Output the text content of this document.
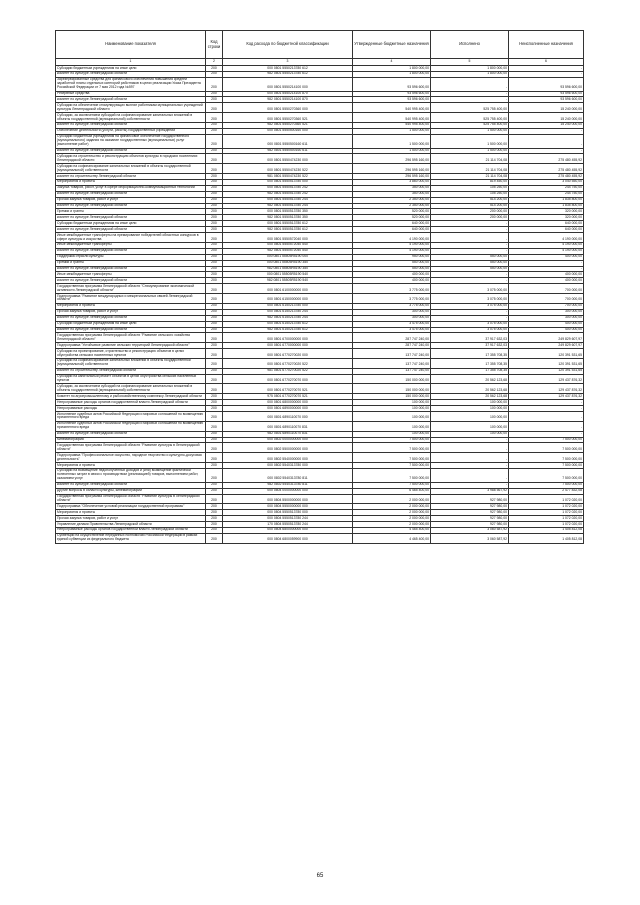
Наименование показателя	Код строки	Код расхода по бюджетной классификации	Утвержденные бюджетные назначения	Исполнено	Неисполненные назначения
1	2	3	4	5	6
Субсидии бюджетным учреждениям на иные цели	200	000 0801 5550213780 612	1 800 000,00	1 800 000,00	-
комитет по культуре Ленинградской области	200	982 0801 5550213780 612	1 800 000,00	1 800 000,00	-
Зарезервированные средства для финансового обеспечения повышения средней заработной платы отдельных категорий работников в целях реализации Указа Президента Российской Федерации от 7 мая 2012 года №597	200	000 0801 5550214100 000	93 596 600,00	-	93 596 600,00
Резервные средства	200	000 0801 5550214100 870	93 596 600,00	-	93 596 600,00
комитет по культуре Ленинградской области	200	982 0801 5550214100 870	93 596 600,00	-	93 596 600,00
Субсидии на обеспечение стимулирующих выплат работникам муниципальных учреждений культуры Ленинградской области	200	000 0801 5550270360 000	540 995 400,00	525 755 400,00	15 240 000,00
Субсидии, за исключением субсидий на софинансирование капитальных вложений в объекты государственной (муниципальной) собственности	200	000 0801 5550270360 521	540 995 400,00	525 755 400,00	15 240 000,00
комитет по культуре Ленинградской области	200	982 0801 5550270360 521	540 995 400,00	525 755 400,00	15 240 000,00
Обеспечение деятельности (услуги, работы) государственных учреждений	200	000 0801 5550500160 000	1 500 000,00	1 500 000,00	-
Субсидии бюджетным учреждениям на финансовое обеспечение государственного (муниципального) задания на оказание государственных (муниципальных) услуг (выполнение работ)	200	000 0801 5550500160 611	1 500 000,00	1 500 000,00	-
комитет по культуре Ленинградской области	200	982 0801 5550500160 611	1 500 000,00	1 500 000,00	-
Субсидии на строительство и реконструкцию объектов культуры в городских поселениях Ленинградской области	200	000 0801 5550474230 000	296 595 160,00	21 114 704,08	275 480 455,92
Субсидии на софинансирование капитальных вложений в объекты государственной (муниципальной) собственности	200	000 0801 5550474230 522	296 595 160,00	21 114 704,08	275 480 455,92
комитет по строительству Ленинградской области	200	981 0801 5550474230 522	296 595 160,00	21 114 704,08	275 480 455,92
Мероприятия и проекты	200	000 0801 5550513780 000	3 860 000,00	819 450,00	3 040 550,00
Закупка товаров, работ, услуг в сфере информационно-коммуникационных технологий	200	000 0801 5550513780 242	350 000,00	105 250,00	244 750,00
комитет по культуре Ленинградской области	200	982 0801 5550513780 242	350 000,00	105 250,00	244 750,00
Прочая закупка товаров, работ и услуг	200	000 0801 5550513780 244	2 350 000,00	514 200,00	1 835 800,00
комитет по культуре Ленинградской области	200	982 0801 5550513780 244	2 350 000,00	514 200,00	1 835 800,00
Премии и гранты	200	000 0801 5550513780 350	520 000,00	200 000,00	320 000,00
комитет по культуре Ленинградской области	200	982 0801 5550513780 350	520 000,00	200 000,00	320 000,00
Субсидии бюджетным учреждениям на иные цели	200	000 0801 5550513780 612	640 000,00	-	640 000,00
комитет по культуре Ленинградской области	200	982 0801 5550513780 612	640 000,00	-	640 000,00
Иные межбюджетные трансферты на премирование победителей областных конкурсов в сфере культуры и искусства	200	000 0801 5550572040 000	4 190 000,00	-	4 190 000,00
Иные межбюджетные трансферты	200	000 0801 5550572040 540	4 190 000,00	-	4 190 000,00
комитет по культуре Ленинградской области	200	982 0801 5550572040 540	4 190 000,00	-	4 190 000,00
Поддержка отрасли культуры	200	000 0801 55505R5190 000	950 000,00	550 000,00	400 000,00
Премии и гранты	200	000 0801 55505R5190 350	550 000,00	550 000,00	-
комитет по культуре Ленинградской области	200	982 0801 55505R5190 350	550 000,00	550 000,00	-
Иные межбюджетные трансферты	200	000 0801 55505R5190 540	400 000,00	-	400 000,00
комитет по культуре Ленинградской области	200	982 0801 55505R5190 540	400 000,00	-	400 000,00
Государственная программа Ленинградской области "Стимулирование экономической активности Ленинградской области"	200	000 0801 6100000000 000	3 775 000,00	3 075 000,00	700 000,00
Подпрограмма "Развитие международных и межрегиональных связей Ленинградской области"	200	000 0801 6150000000 000	3 775 000,00	3 075 000,00	700 000,00
Мероприятия и проекты	200	000 0801 6150213780 000	3 775 000,00	3 075 000,00	700 000,00
Прочая закупка товаров, работ и услуг	200	000 0801 6150213780 244	300 000,00	-	300 000,00
комитет по культуре Ленинградской области	200	982 0801 6150213780 244	300 000,00	-	300 000,00
Субсидии бюджетным учреждениям на иные цели	200	000 0801 6150213780 612	3 475 000,00	3 075 000,00	400 000,00
комитет по культуре Ленинградской области	200	982 0801 6150213780 612	3 475 000,00	3 075 000,00	400 000,00
Государственная программа Ленинградской области "Развитие сельского хозяйства Ленинградской области"	200	000 0801 6700000000 000	287 747 240,00	37 917 632,03	249 829 607,97
Подпрограмма "Устойчивое развитие сельских территорий Ленинградской области"	200	000 0801 6770000000 000	287 747 240,00	37 917 632,03	249 829 607,97
Субсидии на проектирование, строительство и реконструкцию объектов в целях обустройства сельских населенных пунктов	200	000 0801 6770270020 000	137 747 240,00	17 355 708,35	120 391 531,65
Субсидии на софинансирование капитальных вложений в объекты государственной (муниципальной) собственности	200	000 0801 6770270020 522	137 747 240,00	17 355 708,35	120 391 531,65
комитет по строительству Ленинградской области	200	981 0801 6770270020 522	137 747 240,00	17 355 708,35	120 391 531,65
Субсидии на капитальный ремонт объектов в целях обустройства сельских населенных пунктов	200	000 0801 6770270070 000	150 000 000,00	20 562 123,68	129 437 876,32
Субсидии, за исключением субсидий на софинансирование капитальных вложений в объекты государственной (муниципальной) собственности	200	000 0801 6770270070 521	150 000 000,00	20 562 123,68	129 437 876,32
Комитет по агропромышленному и рыбохозяйственному комплексу Ленинградской области	200	975 0801 6770270070 521	150 000 000,00	20 562 123,68	129 437 876,32
Непрограммные расходы органов государственной власти Ленинградской области	200	000 0801 6800000000 000	100 000,00	100 000,00	-
Непрограммные расходы	200	000 0801 6890000000 000	100 000,00	100 000,00	-
Исполнение судебных актов Российской Федерации и мировых соглашений по возмещению причиненного вреда	200	000 0801 6890110070 000	100 000,00	100 000,00	-
Исполнение судебных актов Российской Федерации и мировых соглашений по возмещению причиненного вреда	200	000 0801 6890110070 831	100 000,00	100 000,00	-
комитет по культуре Ленинградской области	200	982 0801 6890110070 831	100 000,00	100 000,00	-
Кинематография	200	000 0802 0000000000 000	7 500 000,00	-	7 500 000,00
Государственная программа Ленинградской области "Развитие культуры в Ленинградской области"	200	000 0802 5500000000 000	7 500 000,00	-	7 500 000,00
Подпрограмма "Профессиональное искусство, народное творчество и культурно-досуговая деятельность"	200	000 0802 5540000000 000	7 500 000,00	-	7 500 000,00
Мероприятия и проекты	200	000 0802 5540313780 000	7 500 000,00	-	7 500 000,00
Субсидии на возмещение недополученных доходов и (или) возмещение фактически понесенных затрат в связи с производством (реализацией) товаров, выполнением работ, оказанием услуг	200	000 0802 5540313780 811	7 500 000,00	-	7 500 000,00
комитет по культуре Ленинградской области	200	982 0802 5540313780 811	7 500 000,00	-	7 500 000,00
Другие вопросы в области культуры, кинематографии	200	000 0804 0000000000 000	6 465 400,00	3 988 567,92	2 477 832,08
Государственная программа Ленинградской области "Развитие культуры в Ленинградской области"	200	000 0804 5500000000 000	2 000 000,00	927 980,00	1 072 020,00
Подпрограмма "Обеспечение условий реализации государственной программы"	200	000 0804 5550000000 000	2 000 000,00	927 980,00	1 072 020,00
Мероприятия и проекты	200	000 0804 5550513780 000	2 000 000,00	927 980,00	1 072 020,00
Прочая закупка товаров, работ и услуг	200	000 0804 5550513780 244	2 000 000,00	927 980,00	1 072 020,00
Управление делами Правительства Ленинградской области	200	170 0804 5550513780 244	2 000 000,00	927 980,00	1 072 020,00
Непрограммные расходы органов государственной власти Ленинградской области	200	000 0804 6800000000 000	4 465 400,00	3 060 587,92	1 405 812,08
Субвенции на осуществление переданных полномочий Российской Федерации в рамках единой субвенции из федерального бюджета	200	000 0804 6800059900 000	4 465 400,00	3 060 587,92	1 405 812,08
65
